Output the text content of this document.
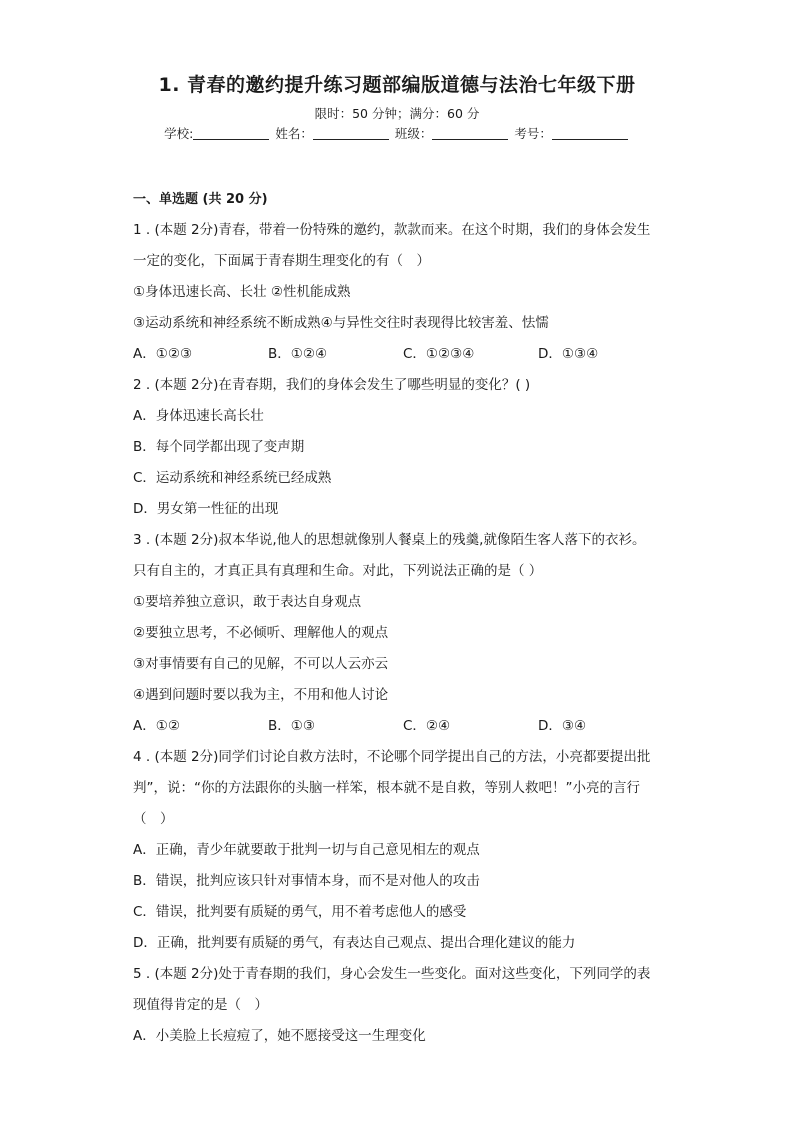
1. 青春的邀约提升练习题部编版道德与法治七年级下册
限时：50 分钟；满分：60 分
学校:	姓名：	班级：	考号：

一、单选题 (共 20 分)

1 . (本题 2分)青春，带着一份特殊的邀约，款款而来。在这个时期，我们的身体会发生

一定的变化，下面属于青春期生理变化的有（　）

①身体迅速长高、长壮 ②性机能成熟

③运动系统和神经系统不断成熟④与异性交往时表现得比较害羞、怯懦

A．①②③	B．①②④	C．①②③④	D．①③④

2 . (本题 2分)在青春期，我们的身体会发生了哪些明显的变化？( )

A．身体迅速长高长壮

B．每个同学都出现了变声期

C．运动系统和神经系统已经成熟

D．男女第一性征的出现

3 . (本题 2分)叔本华说,他人的思想就像别人餐桌上的残羹,就像陌生客人落下的衣衫。

只有自主的，才真正具有真理和生命。对此，下列说法正确的是（ ）

①要培养独立意识，敢于表达自身观点

②要独立思考，不必倾听、理解他人的观点

③对事情要有自己的见解，不可以人云亦云

④遇到问题时要以我为主，不用和他人讨论

A．①②	B．①③	C．②④	D．③④

4 . (本题 2分)同学们讨论自救方法时，不论哪个同学提出自己的方法，小亮都要提出批

判”，说：“你的方法跟你的头脑一样笨，根本就不是自救，等别人救吧！”小亮的言行

（　）

A．正确，青少年就要敢于批判一切与自己意见相左的观点

B．错误，批判应该只针对事情本身，而不是对他人的攻击

C．错误，批判要有质疑的勇气，用不着考虑他人的感受

D．正确，批判要有质疑的勇气，有表达自己观点、提出合理化建议的能力

5 . (本题 2分)处于青春期的我们，身心会发生一些变化。面对这些变化，下列同学的表

现值得肯定的是（　）

A．小美脸上长痘痘了，她不愿接受这一生理变化
